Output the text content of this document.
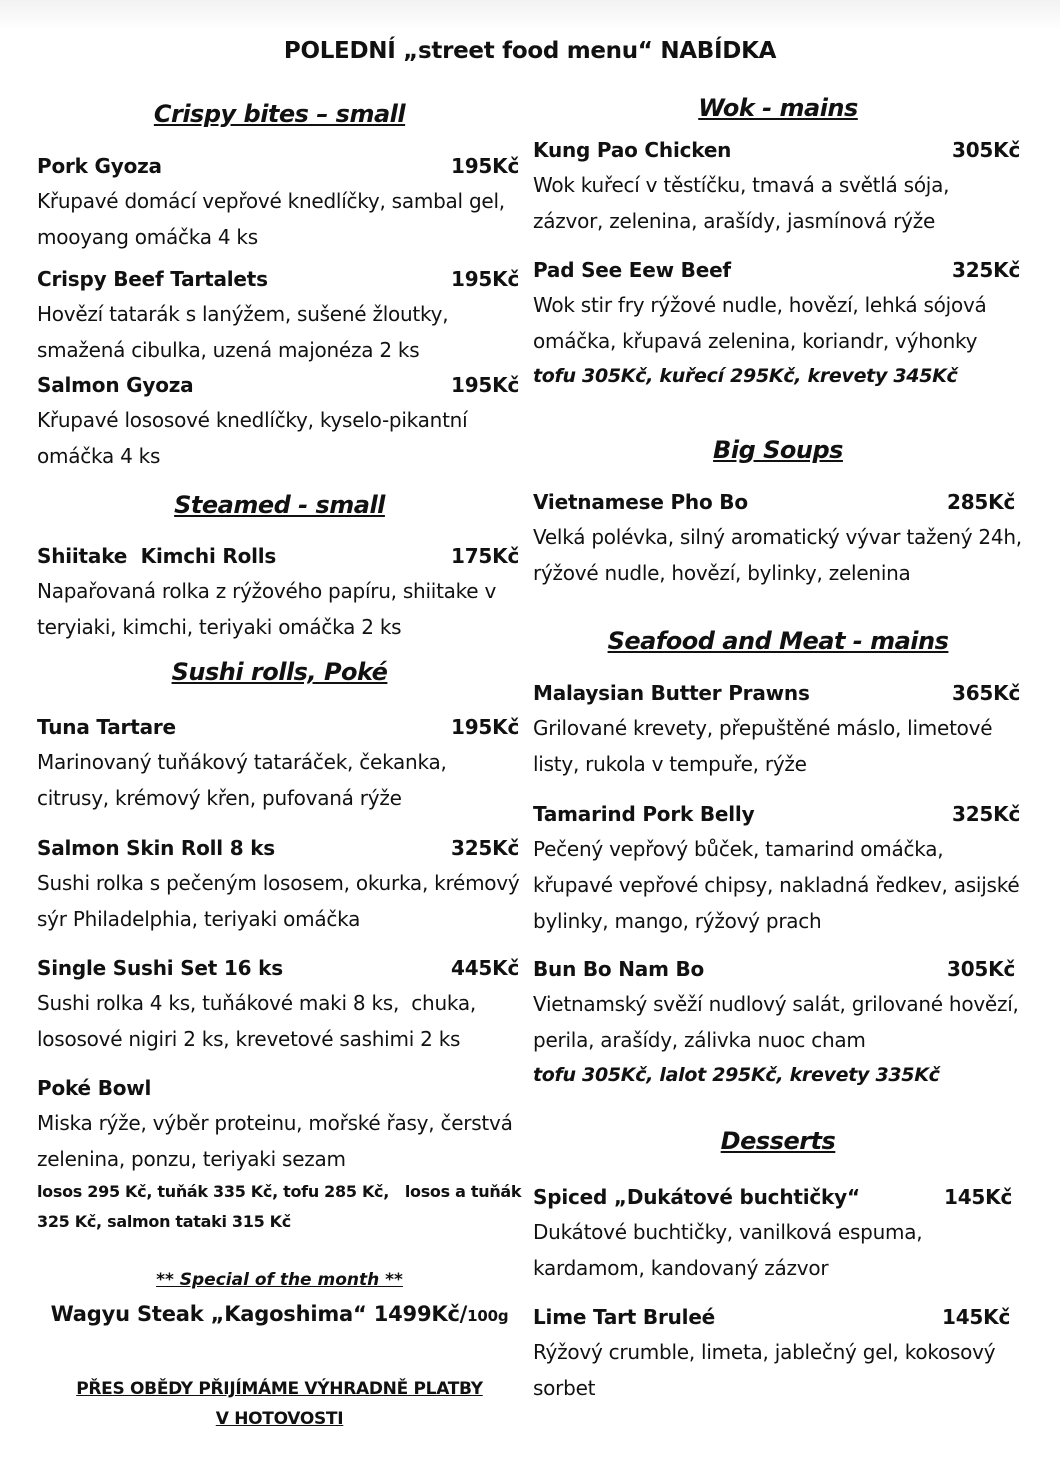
POLEDNÍ „street food menu“ NABÍDKA
Crispy bites – small
Pork Gyoza	195Kč
Křupavé domácí vepřové knedlíčky, sambal gel, mooyang omáčka 4 ks
Crispy Beef Tartalets	195Kč
Hovězí tatarák s lanýžem, sušené žloutky, smažená cibulka, uzená majonéza 2 ks
Salmon Gyoza	195Kč
Křupavé lososové knedlíčky, kyselo-pikantní omáčka 4 ks
Steamed - small
Shiitake  Kimchi Rolls	175Kč
Napařovaná rolka z rýžového papíru, shiitake v teryiaki, kimchi, teriyaki omáčka 2 ks
Sushi rolls, Poké
Tuna Tartare	195Kč
Marinovaný tuňákový tataráček, čekanka, citrusy, krémový křen, pufovaná rýže
Salmon Skin Roll 8 ks	325Kč
Sushi rolka s pečeným lososem, okurka, krémový sýr Philadelphia, teriyaki omáčka
Single Sushi Set 16 ks	445Kč
Sushi rolka 4 ks, tuňákové maki 8 ks,  chuka, lososové nigiri 2 ks, krevetové sashimi 2 ks
Poké Bowl
Miska rýže, výběr proteinu, mořské řasy, čerstvá zelenina, ponzu, teriyaki sezam
losos 295 Kč, tuňák 335 Kč, tofu 285 Kč,   losos a tuňák 325 Kč, salmon tataki 315 Kč
** Special of the month **
Wagyu Steak „Kagoshima“ 1499Kč/100g
PŘES OBĚDY PŘIJÍMÁME VÝHRADNĚ PLATBY
V HOTOVOSTI
Wok - mains
Kung Pao Chicken	305Kč
Wok kuřecí v těstíčku, tmavá a světlá sója, zázvor, zelenina, arašídy, jasmínová rýže
Pad See Eew Beef	325Kč
Wok stir fry rýžové nudle, hovězí, lehká sójová omáčka, křupavá zelenina, koriandr, výhonky
tofu 305Kč, kuřecí 295Kč, krevety 345Kč
Big Soups
Vietnamese Pho Bo	285Kč
Velká polévka, silný aromatický vývar tažený 24h, rýžové nudle, hovězí, bylinky, zelenina
Seafood and Meat - mains
Malaysian Butter Prawns	365Kč
Grilované krevety, přepuštěné máslo, limetové listy, rukola v tempuře, rýže
Tamarind Pork Belly	325Kč
Pečený vepřový bůček, tamarind omáčka, křupavé vepřové chipsy, nakladná ředkev, asijské bylinky, mango, rýžový prach
Bun Bo Nam Bo	305Kč
Vietnamský svěží nudlový salát, grilované hovězí, perila, arašídy, zálivka nuoc cham
tofu 305Kč, lalot 295Kč, krevety 335Kč
Desserts
Spiced „Dukátové buchtičky“	145Kč
Dukátové buchtičky, vanilková espuma, kardamom, kandovaný zázvor
Lime Tart Bruleé	145Kč
Rýžový crumble, limeta, jablečný gel, kokosový sorbet
